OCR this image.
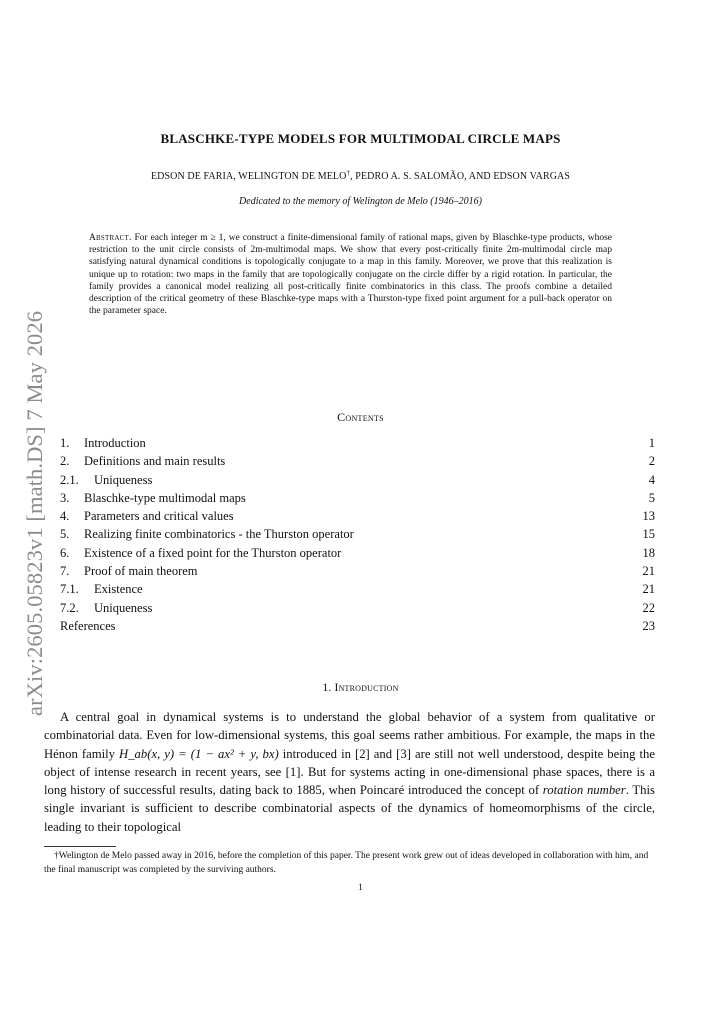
arXiv:2605.05823v1 [math.DS] 7 May 2026
BLASCHKE-TYPE MODELS FOR MULTIMODAL CIRCLE MAPS
EDSON DE FARIA, WELINGTON DE MELO†, PEDRO A. S. SALOMÃO, AND EDSON VARGAS
Dedicated to the memory of Welington de Melo (1946–2016)
Abstract. For each integer m ≥ 1, we construct a finite-dimensional family of rational maps, given by Blaschke-type products, whose restriction to the unit circle consists of 2m-multimodal maps. We show that every post-critically finite 2m-multimodal circle map satisfying natural dynamical conditions is topologically conjugate to a map in this family. Moreover, we prove that this realization is unique up to rotation: two maps in the family that are topologically conjugate on the circle differ by a rigid rotation. In particular, the family provides a canonical model realizing all post-critically finite combinatorics in this class. The proofs combine a detailed description of the critical geometry of these Blaschke-type maps with a Thurston-type fixed point argument for a pull-back operator on the parameter space.
Contents
1. Introduction	1
2. Definitions and main results	2
2.1. Uniqueness	4
3. Blaschke-type multimodal maps	5
4. Parameters and critical values	13
5. Realizing finite combinatorics - the Thurston operator	15
6. Existence of a fixed point for the Thurston operator	18
7. Proof of main theorem	21
7.1. Existence	21
7.2. Uniqueness	22
References	23
1. Introduction

A central goal in dynamical systems is to understand the global behavior of a system from qualitative or combinatorial data. Even for low-dimensional systems, this goal seems rather ambitious. For example, the maps in the Hénon family H_ab(x, y) = (1 − ax² + y, bx) introduced in [2] and [3] are still not well understood, despite being the object of intense research in recent years, see [1]. But for systems acting in one-dimensional phase spaces, there is a long history of successful results, dating back to 1885, when Poincaré introduced the concept of rotation number. This single invariant is sufficient to describe combinatorial aspects of the dynamics of homeomorphisms of the circle, leading to their topological

†Welington de Melo passed away in 2016, before the completion of this paper. The present work grew out of ideas developed in collaboration with him, and the final manuscript was completed by the surviving authors.

1
